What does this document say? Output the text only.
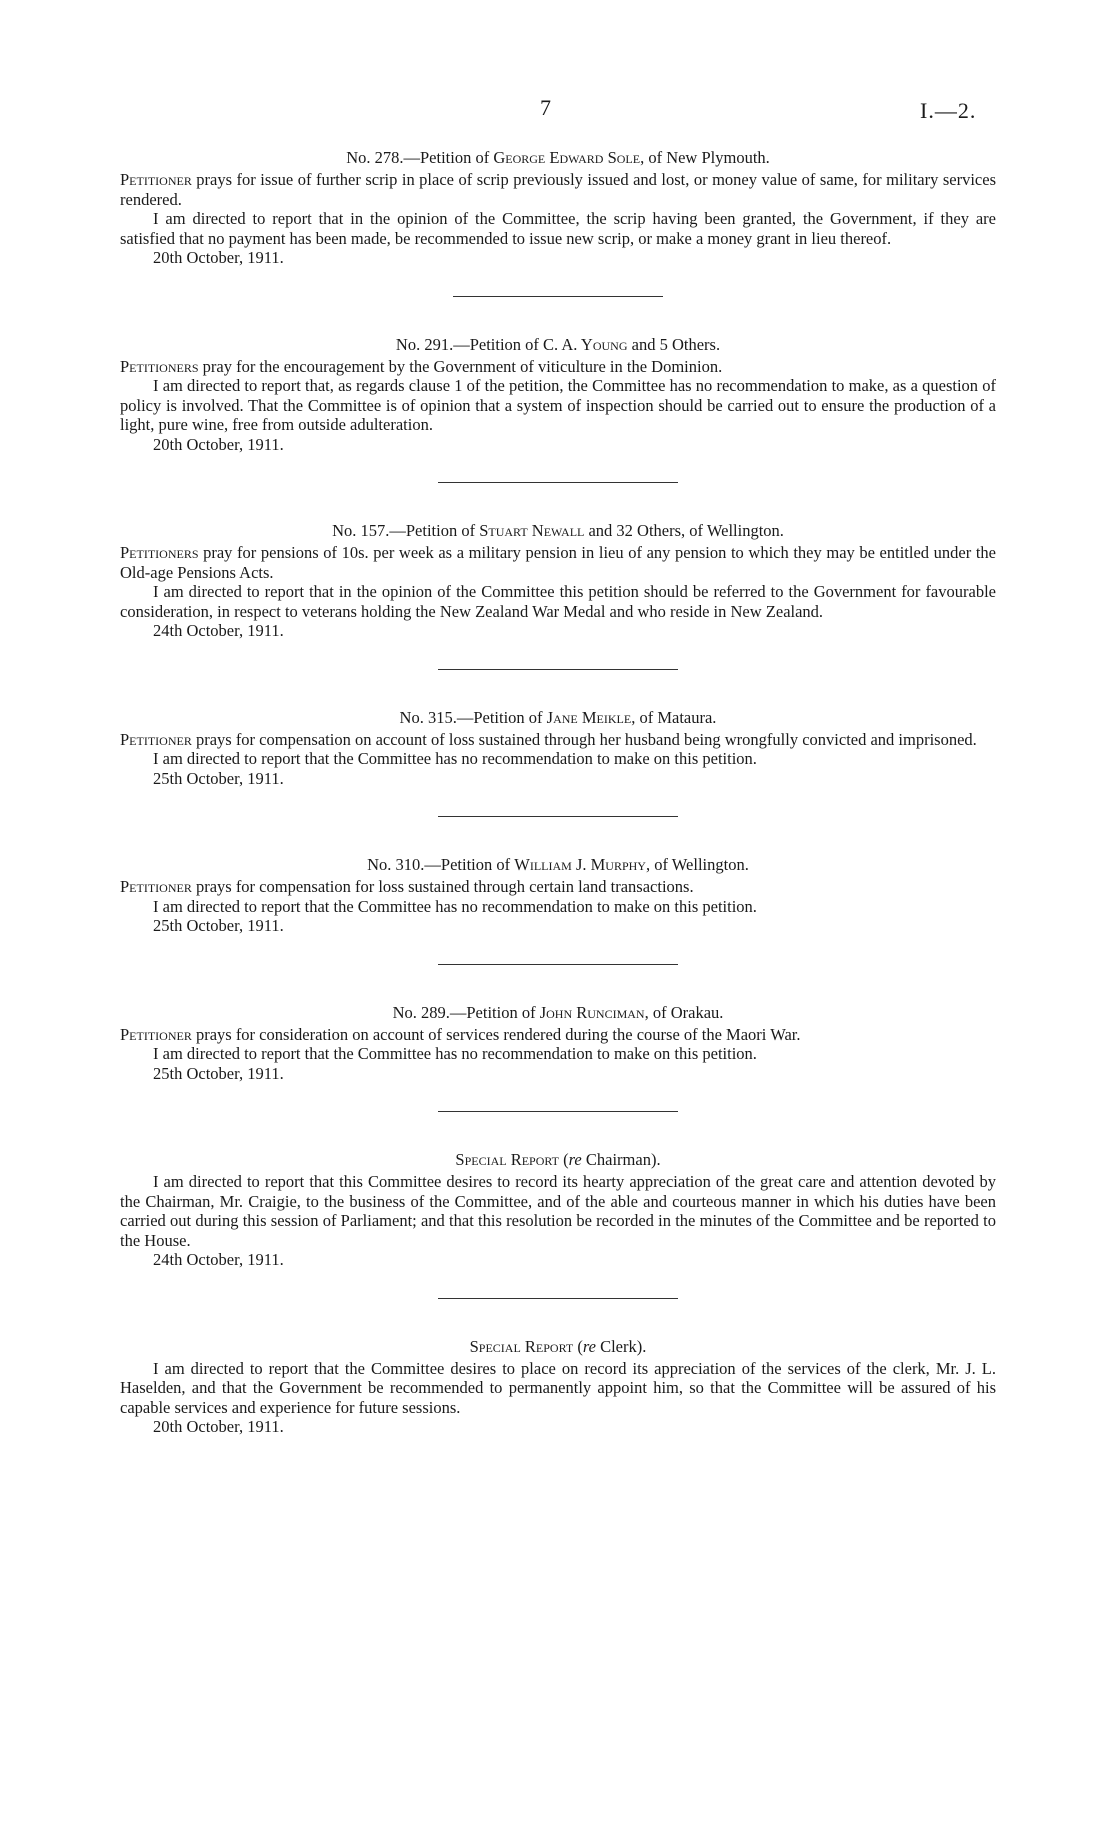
7	I.—2.

No. 278.—Petition of George Edward Sole, of New Plymouth.

Petitioner prays for issue of further scrip in place of scrip previously issued and lost, or money value of same, for military services rendered.

I am directed to report that in the opinion of the Committee, the scrip having been granted, the Government, if they are satisfied that no payment has been made, be recommended to issue new scrip, or make a money grant in lieu thereof.

20th October, 1911.

No. 291.—Petition of C. A. Young and 5 Others.

Petitioners pray for the encouragement by the Government of viticulture in the Dominion.

I am directed to report that, as regards clause 1 of the petition, the Committee has no recommendation to make, as a question of policy is involved. That the Committee is of opinion that a system of inspection should be carried out to ensure the production of a light, pure wine, free from outside adulteration.

20th October, 1911.

No. 157.—Petition of Stuart Newall and 32 Others, of Wellington.

Petitioners pray for pensions of 10s. per week as a military pension in lieu of any pension to which they may be entitled under the Old-age Pensions Acts.

I am directed to report that in the opinion of the Committee this petition should be referred to the Government for favourable consideration, in respect to veterans holding the New Zealand War Medal and who reside in New Zealand.

24th October, 1911.

No. 315.—Petition of Jane Meikle, of Mataura.

Petitioner prays for compensation on account of loss sustained through her husband being wrongfully convicted and imprisoned.

I am directed to report that the Committee has no recommendation to make on this petition.

25th October, 1911.

No. 310.—Petition of William J. Murphy, of Wellington.

Petitioner prays for compensation for loss sustained through certain land transactions.

I am directed to report that the Committee has no recommendation to make on this petition.

25th October, 1911.

No. 289.—Petition of John Runciman, of Orakau.

Petitioner prays for consideration on account of services rendered during the course of the Maori War.

I am directed to report that the Committee has no recommendation to make on this petition.

25th October, 1911.

Special Report (re Chairman).

I am directed to report that this Committee desires to record its hearty appreciation of the great care and attention devoted by the Chairman, Mr. Craigie, to the business of the Committee, and of the able and courteous manner in which his duties have been carried out during this session of Parliament; and that this resolution be recorded in the minutes of the Committee and be reported to the House.

24th October, 1911.

Special Report (re Clerk).

I am directed to report that the Committee desires to place on record its appreciation of the services of the clerk, Mr. J. L. Haselden, and that the Government be recommended to permanently appoint him, so that the Committee will be assured of his capable services and experience for future sessions.

20th October, 1911.
